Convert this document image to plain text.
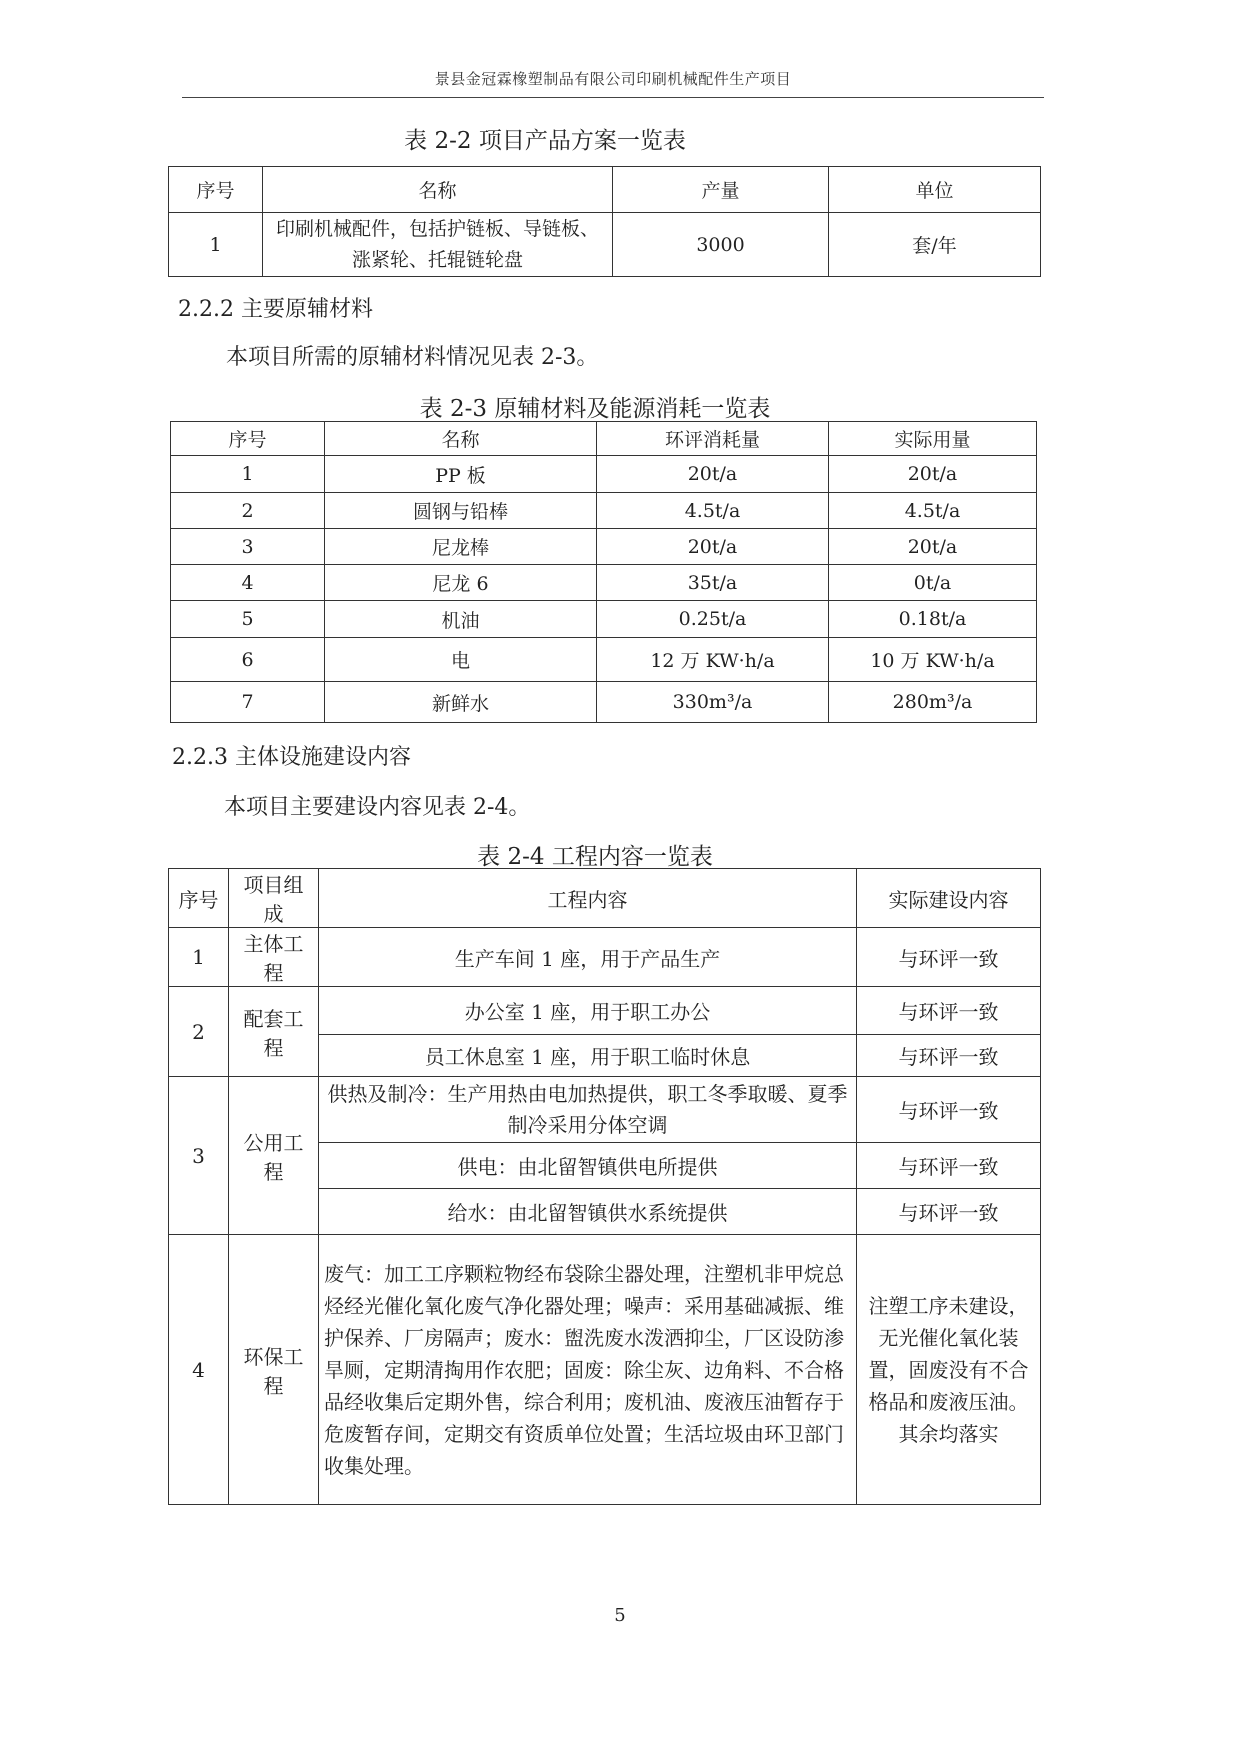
景县金冠霖橡塑制品有限公司印刷机械配件生产项目
表 2-2 项目产品方案一览表
序号	名称	产量	单位
1	印刷机械配件，包括护链板、导链板、涨紧轮、托辊链轮盘	3000	套/年
2.2.2 主要原辅材料
本项目所需的原辅材料情况见表 2-3。
表 2-3 原辅材料及能源消耗一览表
序号	名称	环评消耗量	实际用量
1	PP 板	20t/a	20t/a
2	圆钢与铅棒	4.5t/a	4.5t/a
3	尼龙棒	20t/a	20t/a
4	尼龙 6	35t/a	0t/a
5	机油	0.25t/a	0.18t/a
6	电	12 万 KW·h/a	10 万 KW·h/a
7	新鲜水	330m³/a	280m³/a
2.2.3 主体设施建设内容
本项目主要建设内容见表 2-4。
表 2-4 工程内容一览表
序号	项目组成	工程内容	实际建设内容
1	主体工程	生产车间 1 座，用于产品生产	与环评一致
2	配套工程	办公室 1 座，用于职工办公	与环评一致
		员工休息室 1 座，用于职工临时休息	与环评一致
3	公用工程	供热及制冷：生产用热由电加热提供，职工冬季取暖、夏季制冷采用分体空调	与环评一致
		供电：由北留智镇供电所提供	与环评一致
		给水：由北留智镇供水系统提供	与环评一致
4	环保工程	废气：加工工序颗粒物经布袋除尘器处理，注塑机非甲烷总烃经光催化氧化废气净化器处理；噪声：采用基础减振、维护保养、厂房隔声；废水：盥洗废水泼洒抑尘，厂区设防渗旱厕，定期清掏用作农肥；固废：除尘灰、边角料、不合格品经收集后定期外售，综合利用；废机油、废液压油暂存于危废暂存间，定期交有资质单位处置；生活垃圾由环卫部门收集处理。	注塑工序未建设，无光催化氧化装置，固废没有不合格品和废液压油。其余均落实
5
